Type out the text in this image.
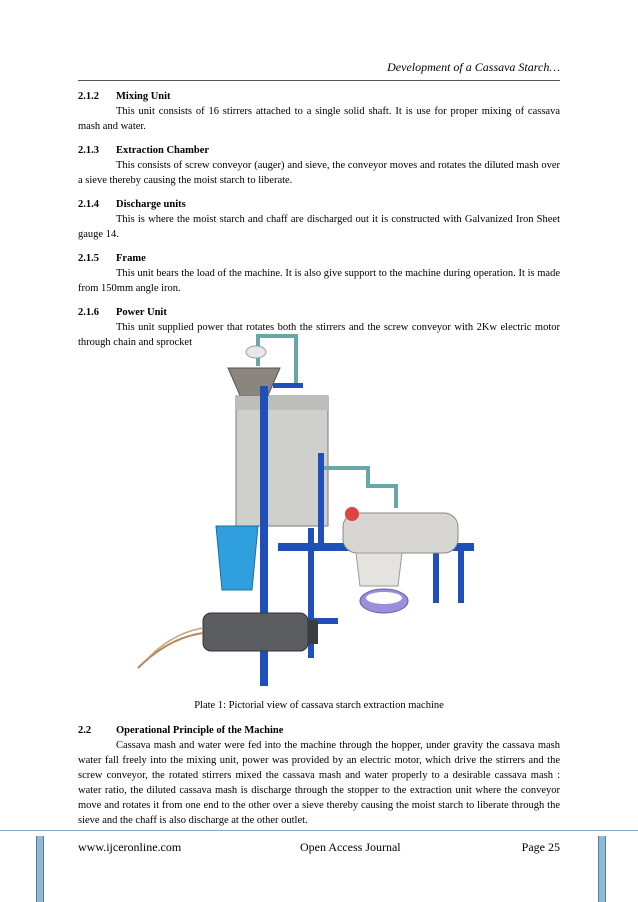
Development of a Cassava Starch…
2.1.2	Mixing Unit

This unit consists of 16 stirrers attached to a single solid shaft. It is use for proper mixing of cassava mash and water.

2.1.3	Extraction Chamber

This consists of screw conveyor (auger) and sieve, the conveyor moves and rotates the diluted mash over a sieve thereby causing the moist starch to liberate.

2.1.4	Discharge units

This is where the moist starch and chaff are discharged out it is constructed with Galvanized Iron Sheet gauge 14.

2.1.5	Frame

This unit bears the load of the machine. It is also give support to the machine during operation. It is made from 150mm angle iron.

2.1.6	Power Unit

This unit supplied power that rotates both the stirrers and the screw conveyor with 2Kw electric motor through chain and sprocket

Plate 1: Pictorial view of cassava starch extraction machine
2.2	Operational Principle of the Machine

Cassava mash and water were fed into the machine through the hopper, under gravity the cassava mash water fall freely into the mixing unit, power was provided by an electric motor, which drive the stirrers and the screw conveyor, the rotated stirrers mixed the cassava mash and water properly to a desirable cassava mash : water ratio, the diluted cassava mash is discharge through the stopper to the extraction unit where the conveyor move and rotates it from one end to the other over a sieve thereby causing the moist starch to liberate through the sieve and the chaff is also discharge at the other outlet.

www.ijceronline.com	Open Access Journal	Page 25
